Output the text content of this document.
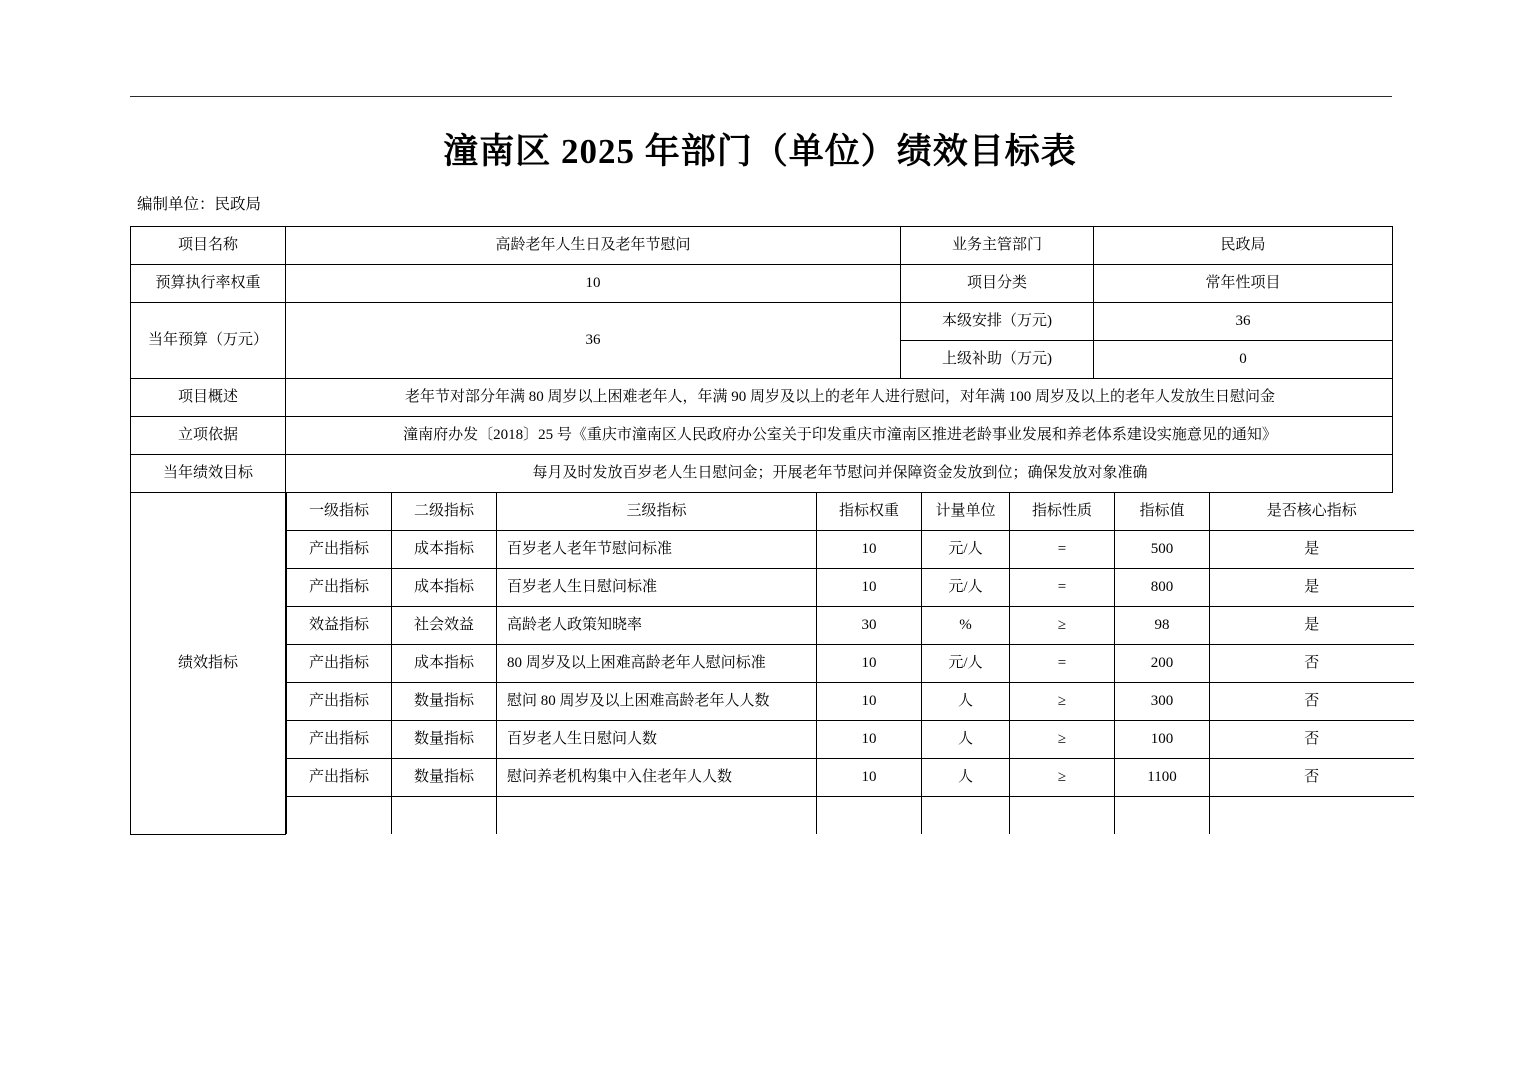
潼南区 2025 年部门（单位）绩效目标表
编制单位：民政局
项目名称	高龄老年人生日及老年节慰问	业务主管部门	民政局
预算执行率权重	10	项目分类	常年性项目
当年预算（万元）	36	本级安排（万元)	36
上级补助（万元)	0
项目概述	老年节对部分年满 80 周岁以上困难老年人，年满 90 周岁及以上的老年人进行慰问，对年满 100 周岁及以上的老年人发放生日慰问金
立项依据	潼南府办发〔2018〕25 号《重庆市潼南区人民政府办公室关于印发重庆市潼南区推进老龄事业发展和养老体系建设实施意见的通知》
当年绩效目标	每月及时发放百岁老人生日慰问金；开展老年节慰问并保障资金发放到位；确保发放对象准确
绩效指标	
一级指标	二级指标	三级指标	指标权重	计量单位	指标性质	指标值	是否核心指标
产出指标	成本指标	百岁老人老年节慰问标准	10	元/人	=	500	是
产出指标	成本指标	百岁老人生日慰问标准	10	元/人	=	800	是
效益指标	社会效益	高龄老人政策知晓率	30	%	≥	98	是
产出指标	成本指标	80 周岁及以上困难高龄老年人慰问标准	10	元/人	=	200	否
产出指标	数量指标	慰问 80 周岁及以上困难高龄老年人人数	10	人	≥	300	否
产出指标	数量指标	百岁老人生日慰问人数	10	人	≥	100	否
产出指标	数量指标	慰问养老机构集中入住老年人人数	10	人	≥	1100	否
